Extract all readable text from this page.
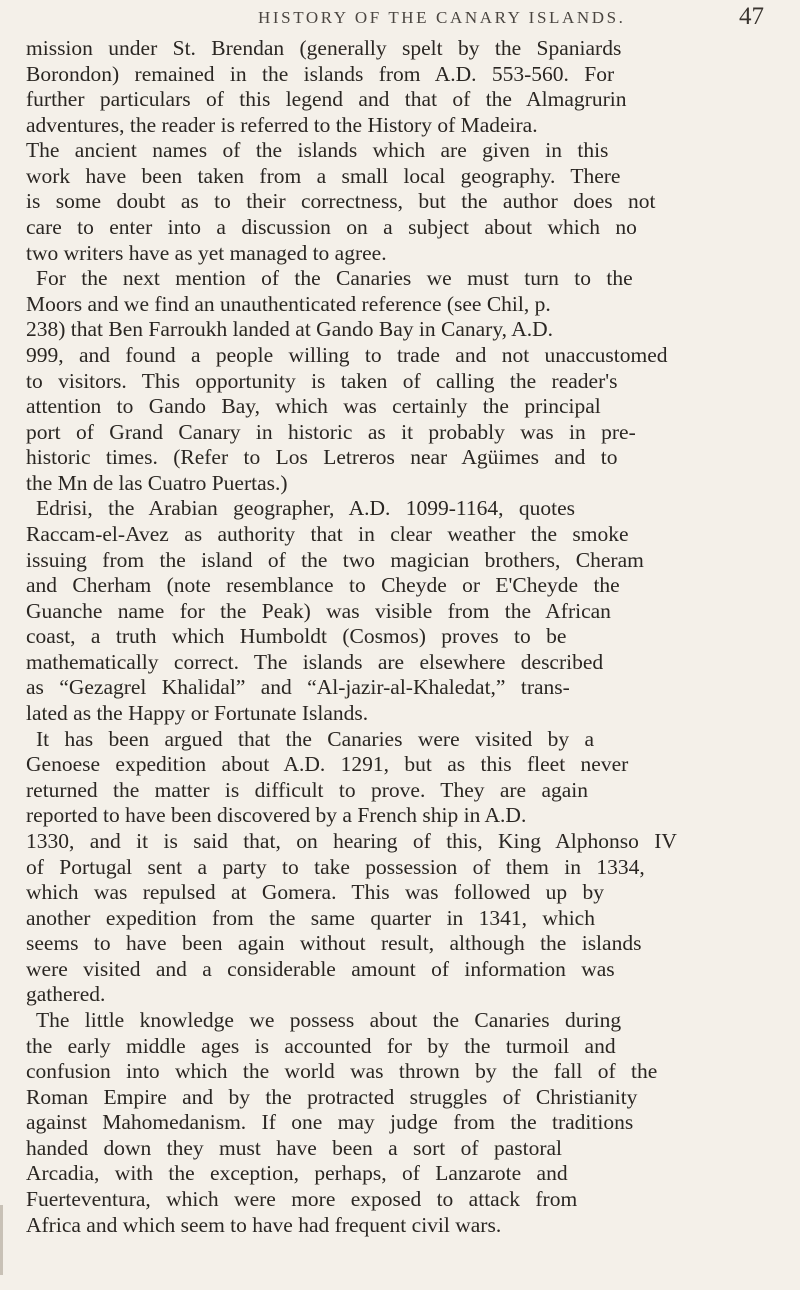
HISTORY OF THE CANARY ISLANDS.	47
mission under St. Brendan (generally spelt by the Spaniards
Borondon) remained in the islands from A.D. 553-560. For
further particulars of this legend and that of the Almagrurin
adventures, the reader is referred to the History of Madeira.
The ancient names of the islands which are given in this
work have been taken from a small local geography. There
is some doubt as to their correctness, but the author does not
care to enter into a discussion on a subject about which no
two writers have as yet managed to agree.
For the next mention of the Canaries we must turn to the
Moors and we find an unauthenticated reference (see Chil, p.
238) that Ben Farroukh landed at Gando Bay in Canary, A.D.
999, and found a people willing to trade and not unaccustomed
to visitors. This opportunity is taken of calling the reader's
attention to Gando Bay, which was certainly the principal
port of Grand Canary in historic as it probably was in pre-
historic times. (Refer to Los Letreros near Agüimes and to
the Mn de las Cuatro Puertas.)
Edrisi, the Arabian geographer, A.D. 1099-1164, quotes
Raccam-el-Avez as authority that in clear weather the smoke
issuing from the island of the two magician brothers, Cheram
and Cherham (note resemblance to Cheyde or E'Cheyde the
Guanche name for the Peak) was visible from the African
coast, a truth which Humboldt (Cosmos) proves to be
mathematically correct. The islands are elsewhere described
as “Gezagrel Khalidal” and “Al-jazir-al-Khaledat,” trans-
lated as the Happy or Fortunate Islands.
It has been argued that the Canaries were visited by a
Genoese expedition about A.D. 1291, but as this fleet never
returned the matter is difficult to prove. They are again
reported to have been discovered by a French ship in A.D.
1330, and it is said that, on hearing of this, King Alphonso IV
of Portugal sent a party to take possession of them in 1334,
which was repulsed at Gomera. This was followed up by
another expedition from the same quarter in 1341, which
seems to have been again without result, although the islands
were visited and a considerable amount of information was
gathered.
The little knowledge we possess about the Canaries during
the early middle ages is accounted for by the turmoil and
confusion into which the world was thrown by the fall of the
Roman Empire and by the protracted struggles of Christianity
against Mahomedanism. If one may judge from the traditions
handed down they must have been a sort of pastoral
Arcadia, with the exception, perhaps, of Lanzarote and
Fuerteventura, which were more exposed to attack from
Africa and which seem to have had frequent civil wars.
